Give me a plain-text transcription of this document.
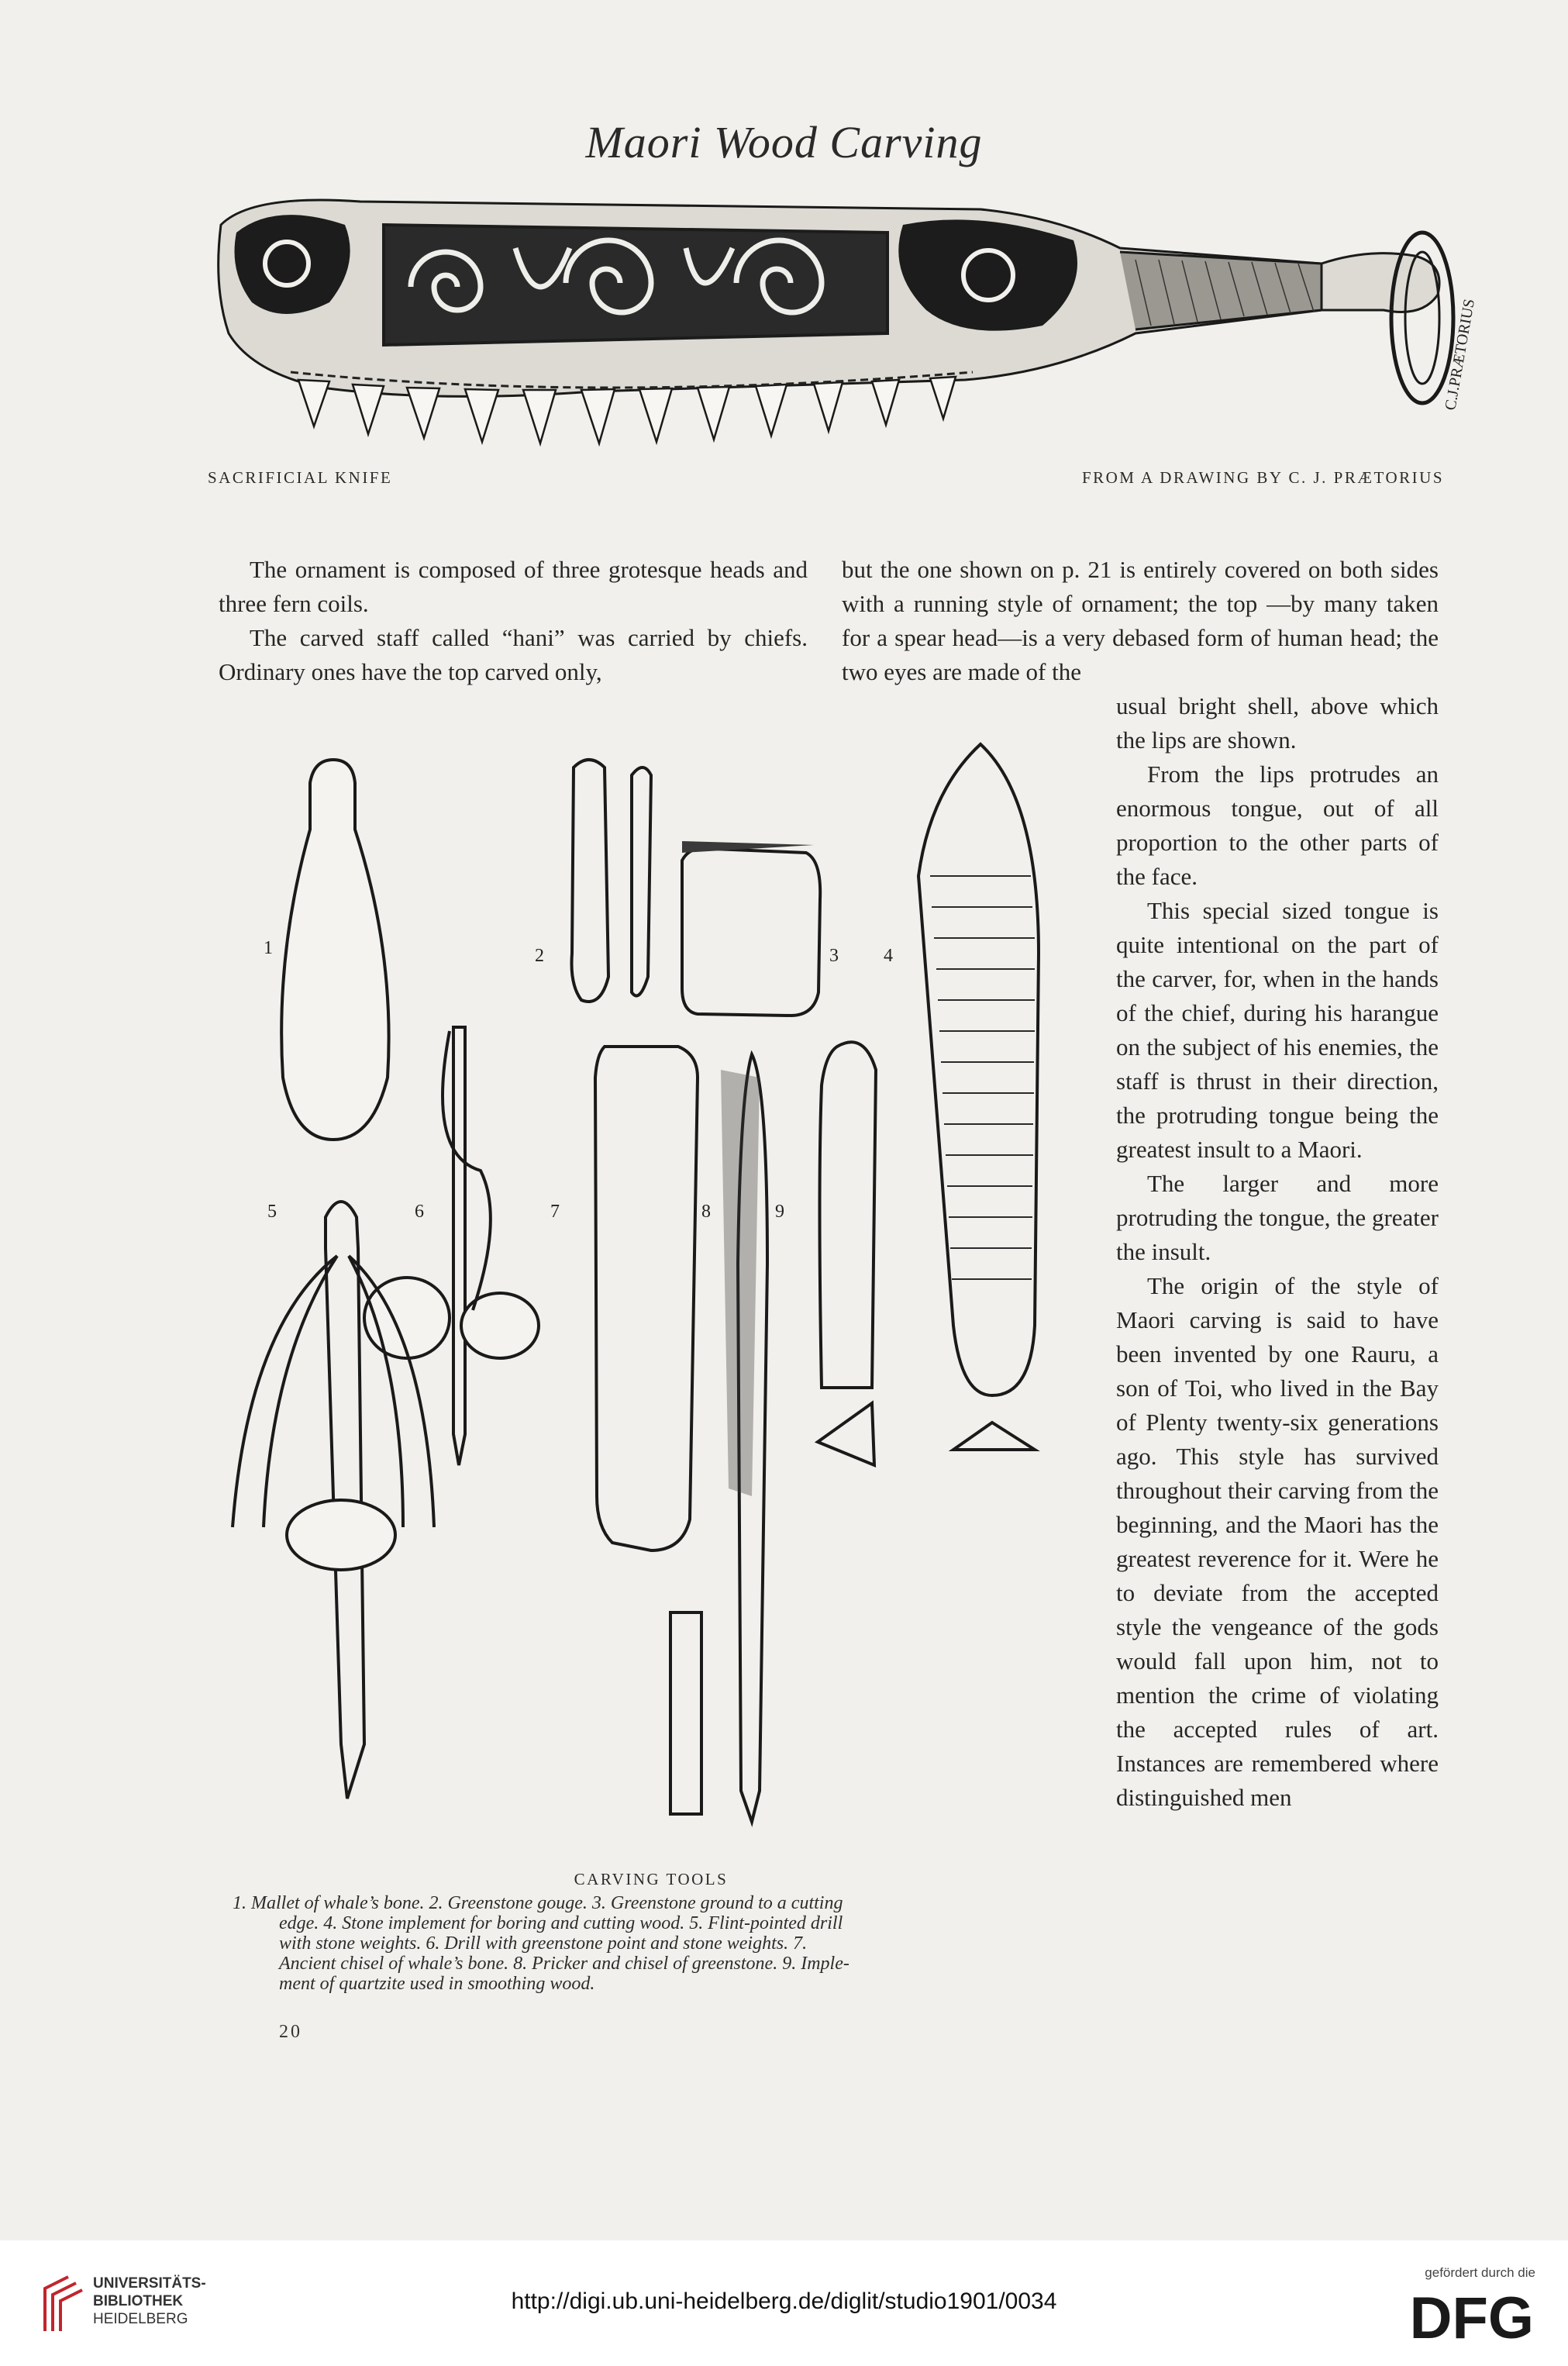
Maori Wood Carving
C.J.PRÆTORIUS
SACRIFICIAL KNIFE	FROM A DRAWING BY C. J. PRÆTORIUS

The ornament is composed of three grotesque heads and three fern coils.

The carved staff called “hani” was carried by chiefs. Ordinary ones have the top carved only,

but the one shown on p. 21 is entirely covered on both sides with a running style of ornament; the top —by many taken for a spear head—is a very debased form of human head; the two eyes are made of the

usual bright shell, above which the lips are shown.

From the lips protrudes an enormous tongue, out of all proportion to the other parts of the face.

This special sized tongue is quite intentional on the part of the carver, for, when in the hands of the chief, during his harangue on the subject of his enemies, the staff is thrust in their direction, the protruding tongue being the greatest insult to a Maori.

The larger and more protruding the tongue, the greater the insult.

The origin of the style of Maori carving is said to have been invented by one Rauru, a son of Toi, who lived in the Bay of Plenty twenty-six generations ago. This style has survived throughout their carving from the beginning, and the Maori has the greatest reverence for it. Were he to deviate from the accepted style the vengeance of the gods would fall upon him, not to mention the crime of violating the accepted rules of art. Instances are remembered where distinguished men

1	2	3 4
5	6	7	8	9
CARVING TOOLS
1. Mallet of whale’s bone. 2. Greenstone gouge. 3. Greenstone ground to a cutting
edge. 4. Stone implement for boring and cutting wood. 5. Flint-pointed drill
with stone weights. 6. Drill with greenstone point and stone weights. 7.
Ancient chisel of whale’s bone. 8. Pricker and chisel of greenstone. 9. Imple-
ment of quartzite used in smoothing wood.
20
UNIVERSITÄTS-
BIBLIOTHEK
HEIDELBERG
http://digi.ub.uni-heidelberg.de/diglit/studio1901/0034
gefördert durch die
DFG
